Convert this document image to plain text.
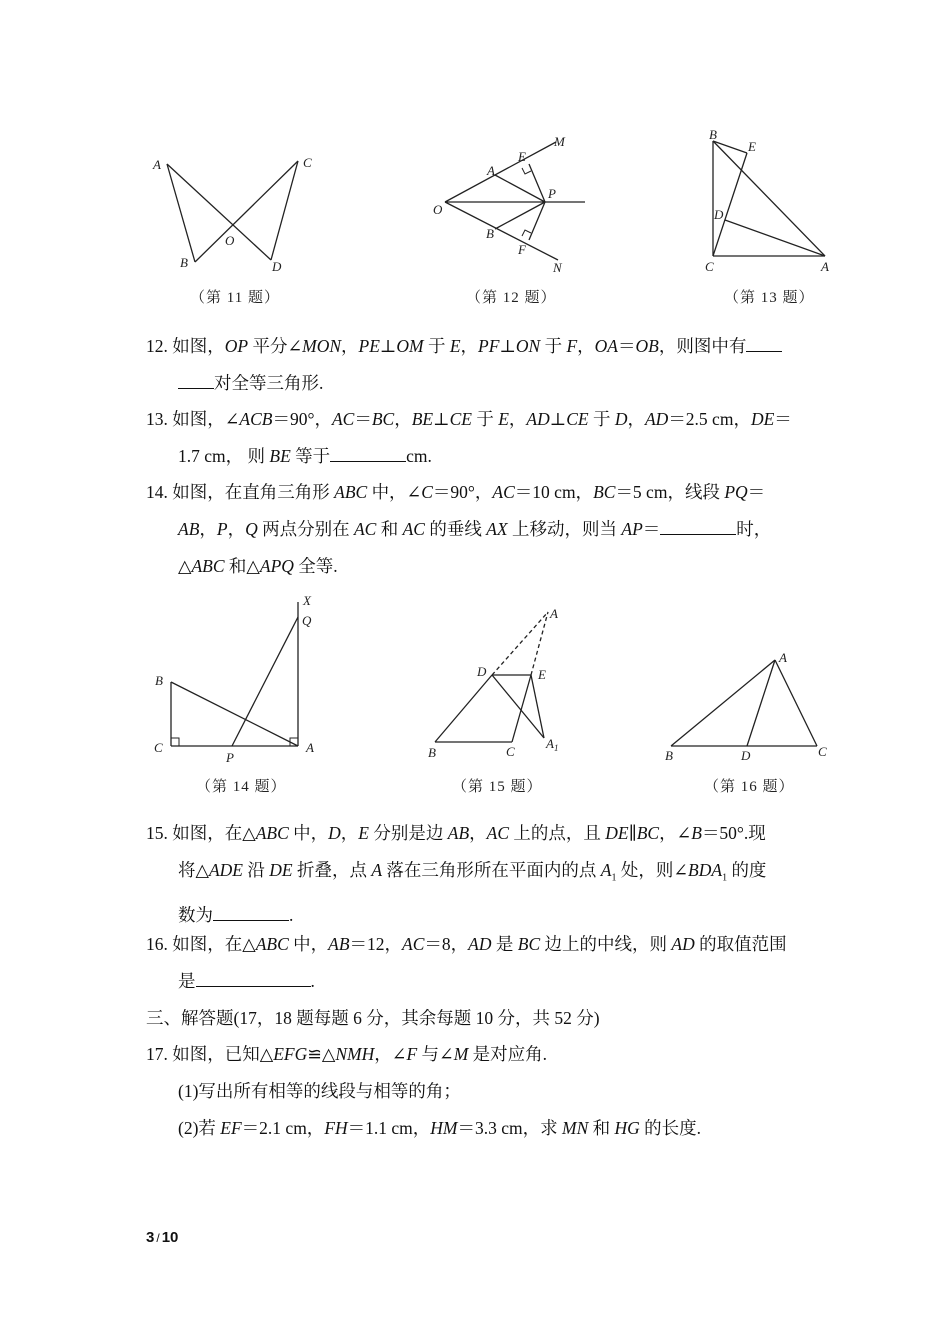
A
B
C
D
O
（第 11 题）
M
E
A
P
O
B
F
N
（第 12 题）
B
E
D
C	A
（第 13 题）
12. 如图，OP 平分∠MON，PE⊥OM 于 E，PF⊥ON 于 F，OA＝OB，则图中有
对全等三角形.
13. 如图，∠ACB＝90°，AC＝BC，BE⊥CE 于 E，AD⊥CE 于 D，AD＝2.5 cm，DE＝
1.7 cm， 则 BE 等于	cm.
14. 如图，在直角三角形 ABC 中，∠C＝90°，AC＝10 cm，BC＝5 cm，线段 PQ＝
AB，P，Q 两点分别在 AC 和 AC 的垂线 AX 上移动，则当 AP＝	时，
△ABC 和△APQ 全等.
X
Q
B
C
P
A
（第 14 题）
A
D	E
B	C
$A_1$
（第 15 题）
A
B	D	C
（第 16 题）
15. 如图，在△ABC 中，D，E 分别是边 AB，AC 上的点，且 DE∥BC，∠B＝50°.现
将△ADE 沿 DE 折叠，点 A 落在三角形所在平面内的点 $A_1$ 处，则$\angle BDA_1$ 的度
数为	.
16. 如图，在△ABC 中，AB＝12，AC＝8，AD 是 BC 边上的中线，则 AD 的取值范围
是	.
三、解答题(17，18 题每题 6 分，其余每题 10 分，共 52 分)
17. 如图，已知△EFG≌△NMH，∠F 与∠M 是对应角.
(1)写出所有相等的线段与相等的角；
(2)若 EF＝2.1 cm，FH＝1.1 cm，HM＝3.3 cm，求 MN 和 HG 的长度.
3 / 10
